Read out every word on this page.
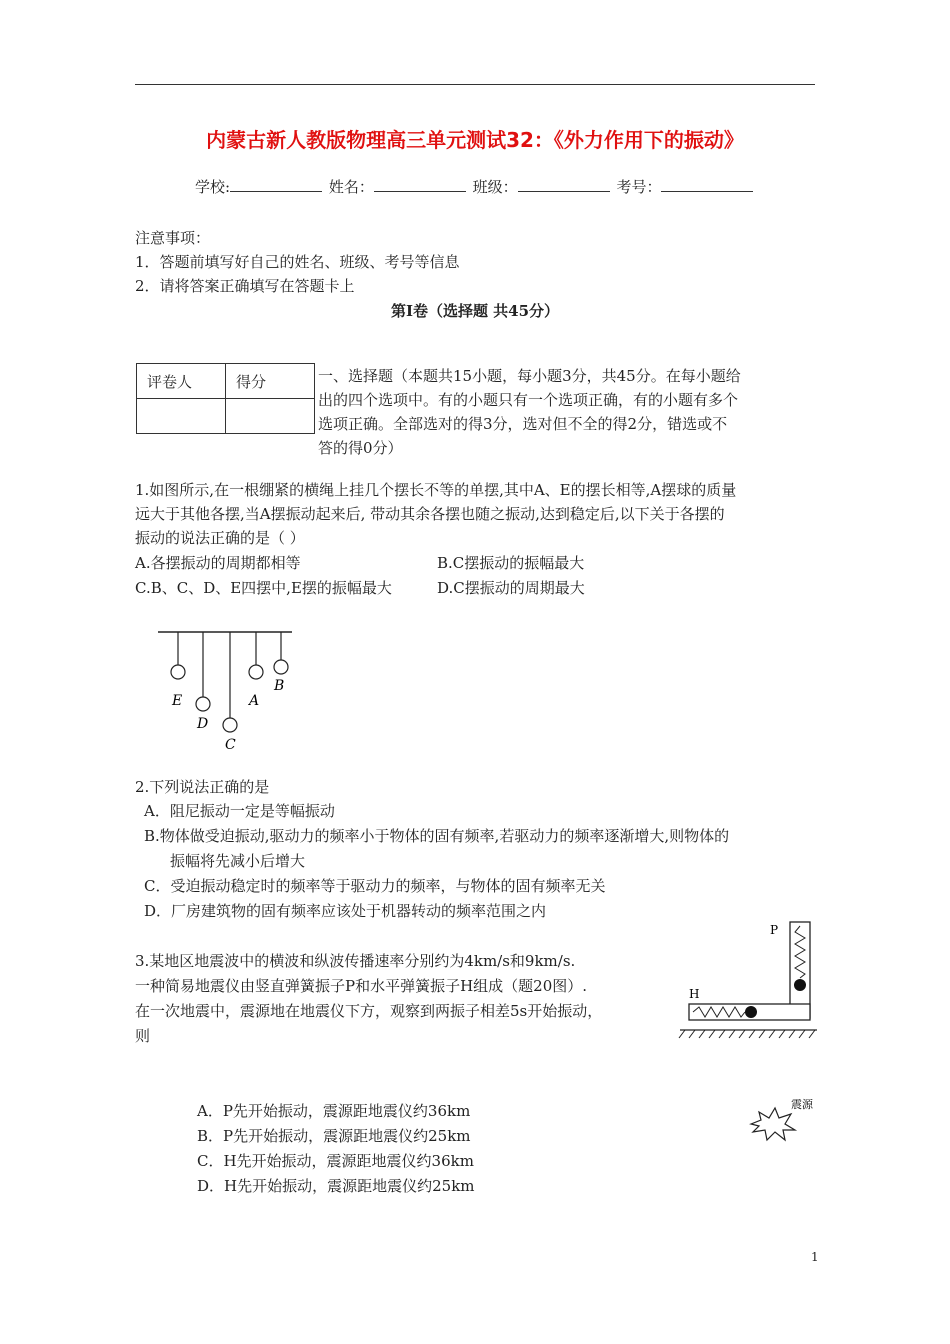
内蒙古新人教版物理高三单元测试32：《外力作用下的振动》
学校:	姓名：	班级：	考号：
注意事项：
1．答题前填写好自己的姓名、班级、考号等信息
2．请将答案正确填写在答题卡上
第Ⅰ卷（选择题 共45分）
评卷人	得分
		一、选择题（本题共15小题，每小题3分，共45分。在每小题给
出的四个选项中。有的小题只有一个选项正确，有的小题有多个
选项正确。全部选对的得3分，选对但不全的得2分，错选或不
答的得0分）
1.如图所示,在一根绷紧的横绳上挂几个摆长不等的单摆,其中A、E的摆长相等,A摆球的质量
远大于其他各摆,当A摆振动起来后, 带动其余各摆也随之振动,达到稳定后,以下关于各摆的
振动的说法正确的是（ ）
A.各摆振动的周期都相等	B.C摆振动的振幅最大
C.B、C、D、E四摆中,E摆的振幅最大	D.C摆振动的周期最大
E
D
C
A
B
2.下列说法正确的是
A．阻尼振动一定是等幅振动
B.物体做受迫振动,驱动力的频率小于物体的固有频率,若驱动力的频率逐渐增大,则物体的
振幅将先减小后增大
C．受迫振动稳定时的频率等于驱动力的频率，与物体的固有频率无关
D．厂房建筑物的固有频率应该处于机器转动的频率范围之内
3.某地区地震波中的横波和纵波传播速率分别约为4km/s和9km/s.
一种简易地震仪由竖直弹簧振子P和水平弹簧振子H组成（题20图）.
在一次地震中，震源地在地震仪下方，观察到两振子相差5s开始振动，
则
P
H
A．P先开始振动，震源距地震仪约36km
B．P先开始振动，震源距地震仪约25km
C．H先开始振动，震源距地震仪约36km
D．H先开始振动，震源距地震仪约25km
震源
1
